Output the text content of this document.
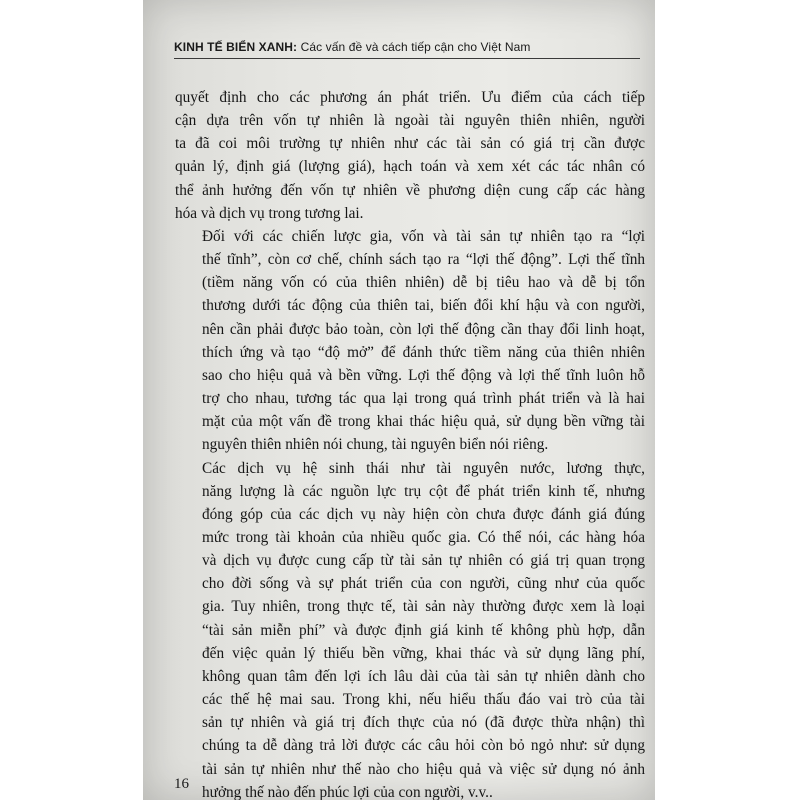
KINH TẾ BIỂN XANH: Các vấn đề và cách tiếp cận cho Việt Nam

quyết định cho các phương án phát triển. Ưu điểm của cách tiếp
cận dựa trên vốn tự nhiên là ngoài tài nguyên thiên nhiên, người
ta đã coi môi trường tự nhiên như các tài sản có giá trị cần được
quản lý, định giá (lượng giá), hạch toán và xem xét các tác nhân có
thể ảnh hưởng đến vốn tự nhiên về phương diện cung cấp các hàng
hóa và dịch vụ trong tương lai.

Đối với các chiến lược gia, vốn và tài sản tự nhiên tạo ra “lợi
thế tĩnh”, còn cơ chế, chính sách tạo ra “lợi thế động”. Lợi thế tĩnh
(tiềm năng vốn có của thiên nhiên) dễ bị tiêu hao và dễ bị tổn
thương dưới tác động của thiên tai, biến đổi khí hậu và con người,
nên cần phải được bảo toàn, còn lợi thế động cần thay đổi linh hoạt,
thích ứng và tạo “độ mở” để đánh thức tiềm năng của thiên nhiên
sao cho hiệu quả và bền vững. Lợi thế động và lợi thế tĩnh luôn hỗ
trợ cho nhau, tương tác qua lại trong quá trình phát triển và là hai
mặt của một vấn đề trong khai thác hiệu quả, sử dụng bền vững tài
nguyên thiên nhiên nói chung, tài nguyên biển nói riêng.

Các dịch vụ hệ sinh thái như tài nguyên nước, lương thực,
năng lượng là các nguồn lực trụ cột để phát triển kinh tế, nhưng
đóng góp của các dịch vụ này hiện còn chưa được đánh giá đúng
mức trong tài khoản của nhiều quốc gia. Có thể nói, các hàng hóa
và dịch vụ được cung cấp từ tài sản tự nhiên có giá trị quan trọng
cho đời sống và sự phát triển của con người, cũng như của quốc
gia. Tuy nhiên, trong thực tế, tài sản này thường được xem là loại
“tài sản miễn phí” và được định giá kinh tế không phù hợp, dẫn
đến việc quản lý thiếu bền vững, khai thác và sử dụng lãng phí,
không quan tâm đến lợi ích lâu dài của tài sản tự nhiên dành cho
các thế hệ mai sau. Trong khi, nếu hiểu thấu đáo vai trò của tài
sản tự nhiên và giá trị đích thực của nó (đã được thừa nhận) thì
chúng ta dễ dàng trả lời được các câu hỏi còn bỏ ngỏ như: sử dụng
tài sản tự nhiên như thế nào cho hiệu quả và việc sử dụng nó ảnh
hưởng thế nào đến phúc lợi của con người, v.v..

16
